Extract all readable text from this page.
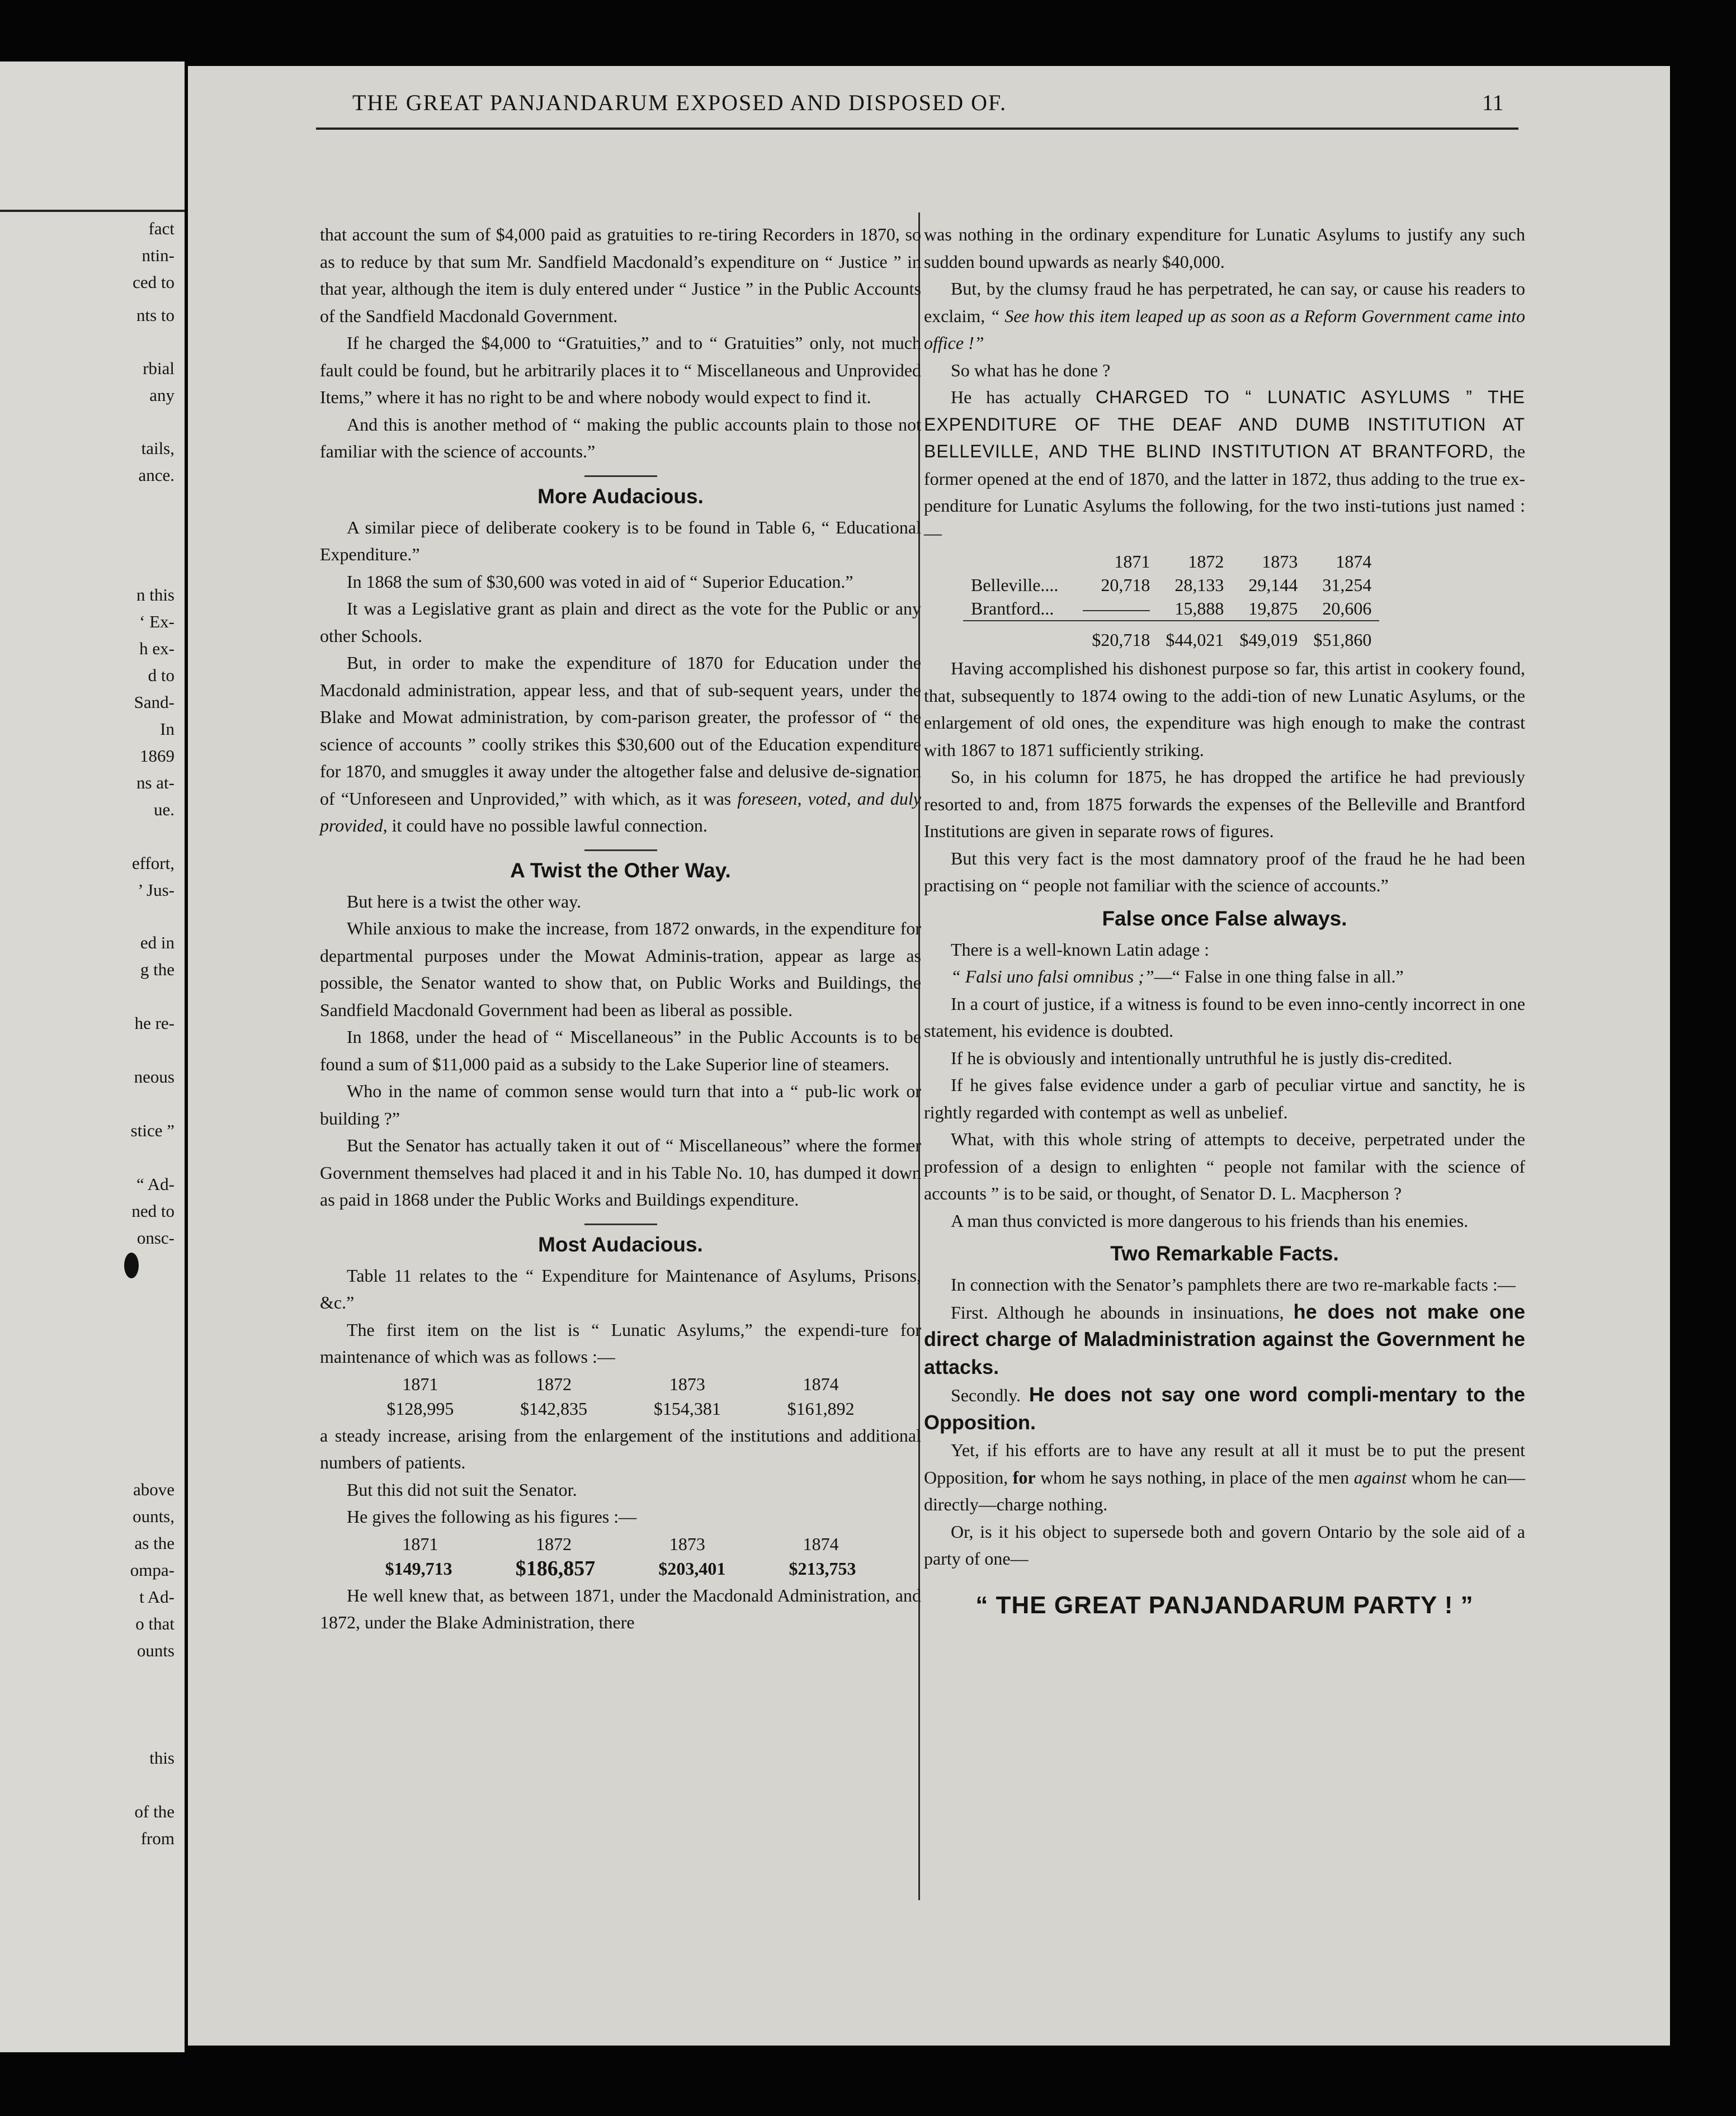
fact
ntin-
ced to
nts to
rbial
any
tails,
ance.
n this
‘ Ex-
h ex-
d to
Sand-
In
1869
ns at-
ue.
effort,
’ Jus-
ed in
g the
he re-
neous
stice ”
“ Ad-
ned to
onsc-
above
ounts,
as the
ompa-
t Ad-
o that
ounts
this
of the
from
THE GREAT PANJANDARUM EXPOSED AND DISPOSED OF.	11

that account the sum of $4,000 paid as gratuities to re-tiring Recorders in 1870, so as to reduce by that sum Mr. Sandfield Macdonald’s expenditure on “ Justice ” in that year, although the item is duly entered under “ Justice ” in the Public Accounts of the Sandfield Macdonald Government.

If he charged the $4,000 to “Gratuities,” and to “ Gratuities” only, not much fault could be found, but he arbitrarily places it to “ Miscellaneous and Unprovided Items,” where it has no right to be and where nobody would expect to find it.

And this is another method of “ making the public accounts plain to those not familiar with the science of accounts.”

More Audacious.

A similar piece of deliberate cookery is to be found in Table 6, “ Educational Expenditure.”

In 1868 the sum of $30,600 was voted in aid of “ Superior Education.”

It was a Legislative grant as plain and direct as the vote for the Public or any other Schools.

But, in order to make the expenditure of 1870 for Education under the Macdonald administration, appear less, and that of sub-sequent years, under the Blake and Mowat administration, by com-parison greater, the professor of “ the science of accounts ” coolly strikes this $30,600 out of the Education expenditure for 1870, and smuggles it away under the altogether false and delusive de-signation of “Unforeseen and Unprovided,” with which, as it was foreseen, voted, and duly provided, it could have no possible lawful connection.

A Twist the Other Way.

But here is a twist the other way.

While anxious to make the increase, from 1872 onwards, in the expenditure for departmental purposes under the Mowat Adminis-tration, appear as large as possible, the Senator wanted to show that, on Public Works and Buildings, the Sandfield Macdonald Government had been as liberal as possible.

In 1868, under the head of “ Miscellaneous” in the Public Accounts is to be found a sum of $11,000 paid as a subsidy to the Lake Superior line of steamers.

Who in the name of common sense would turn that into a “ pub-lic work or building ?”

But the Senator has actually taken it out of “ Miscellaneous” where the former Government themselves had placed it and in his Table No. 10, has dumped it down as paid in 1868 under the Public Works and Buildings expenditure.

Most Audacious.

Table 11 relates to the “ Expenditure for Maintenance of Asylums, Prisons, &c.”

The first item on the list is “ Lunatic Asylums,” the expendi-ture for maintenance of which was as follows :—

1871	1872	1873	1874
$128,995	$142,835	$154,381	$161,892

a steady increase, arising from the enlargement of the institutions and additional numbers of patients.

But this did not suit the Senator.

He gives the following as his figures :—

1871	1872	1873	1874
$149,713	$186,857	$203,401	$213,753

He well knew that, as between 1871, under the Macdonald Administration, and 1872, under the Blake Administration, there

was nothing in the ordinary expenditure for Lunatic Asylums to justify any such sudden bound upwards as nearly $40,000.

But, by the clumsy fraud he has perpetrated, he can say, or cause his readers to exclaim, “ See how this item leaped up as soon as a Reform Government came into office !”

So what has he done ?

He has actually CHARGED TO “ LUNATIC ASYLUMS ” THE EXPENDITURE OF THE DEAF AND DUMB INSTITUTION AT BELLEVILLE, AND THE BLIND INSTITUTION AT BRANTFORD, the former opened at the end of 1870, and the latter in 1872, thus adding to the true ex-penditure for Lunatic Asylums the following, for the two insti-tutions just named :—

	1871	1872	1873	1874
Belleville....	20,718	28,133	29,144	31,254
Brantford...		15,888	19,875	20,606
	$20,718	$44,021	$49,019	$51,860

Having accomplished his dishonest purpose so far, this artist in cookery found, that, subsequently to 1874 owing to the addi-tion of new Lunatic Asylums, or the enlargement of old ones, the expenditure was high enough to make the contrast with 1867 to 1871 sufficiently striking.

So, in his column for 1875, he has dropped the artifice he had previously resorted to and, from 1875 forwards the expenses of the Belleville and Brantford Institutions are given in separate rows of figures.

But this very fact is the most damnatory proof of the fraud he he had been practising on “ people not familiar with the science of accounts.”

False once False always.

There is a well-known Latin adage :

“ Falsi uno falsi omnibus ;”—“ False in one thing false in all.”

In a court of justice, if a witness is found to be even inno-cently incorrect in one statement, his evidence is doubted.

If he is obviously and intentionally untruthful he is justly dis-credited.

If he gives false evidence under a garb of peculiar virtue and sanctity, he is rightly regarded with contempt as well as unbelief.

What, with this whole string of attempts to deceive, perpetrated under the profession of a design to enlighten “ people not familar with the science of accounts ” is to be said, or thought, of Senator D. L. Macpherson ?

A man thus convicted is more dangerous to his friends than his enemies.

Two Remarkable Facts.

In connection with the Senator’s pamphlets there are two re-markable facts :—

First. Although he abounds in insinuations, he does not make one direct charge of Maladministration against the Government he attacks.

Secondly. He does not say one word compli-mentary to the Opposition.

Yet, if his efforts are to have any result at all it must be to put the present Opposition, for whom he says nothing, in place of the men against whom he can—directly—charge nothing.

Or, is it his object to supersede both and govern Ontario by the sole aid of a party of one—

“ THE GREAT PANJANDARUM PARTY ! ”
